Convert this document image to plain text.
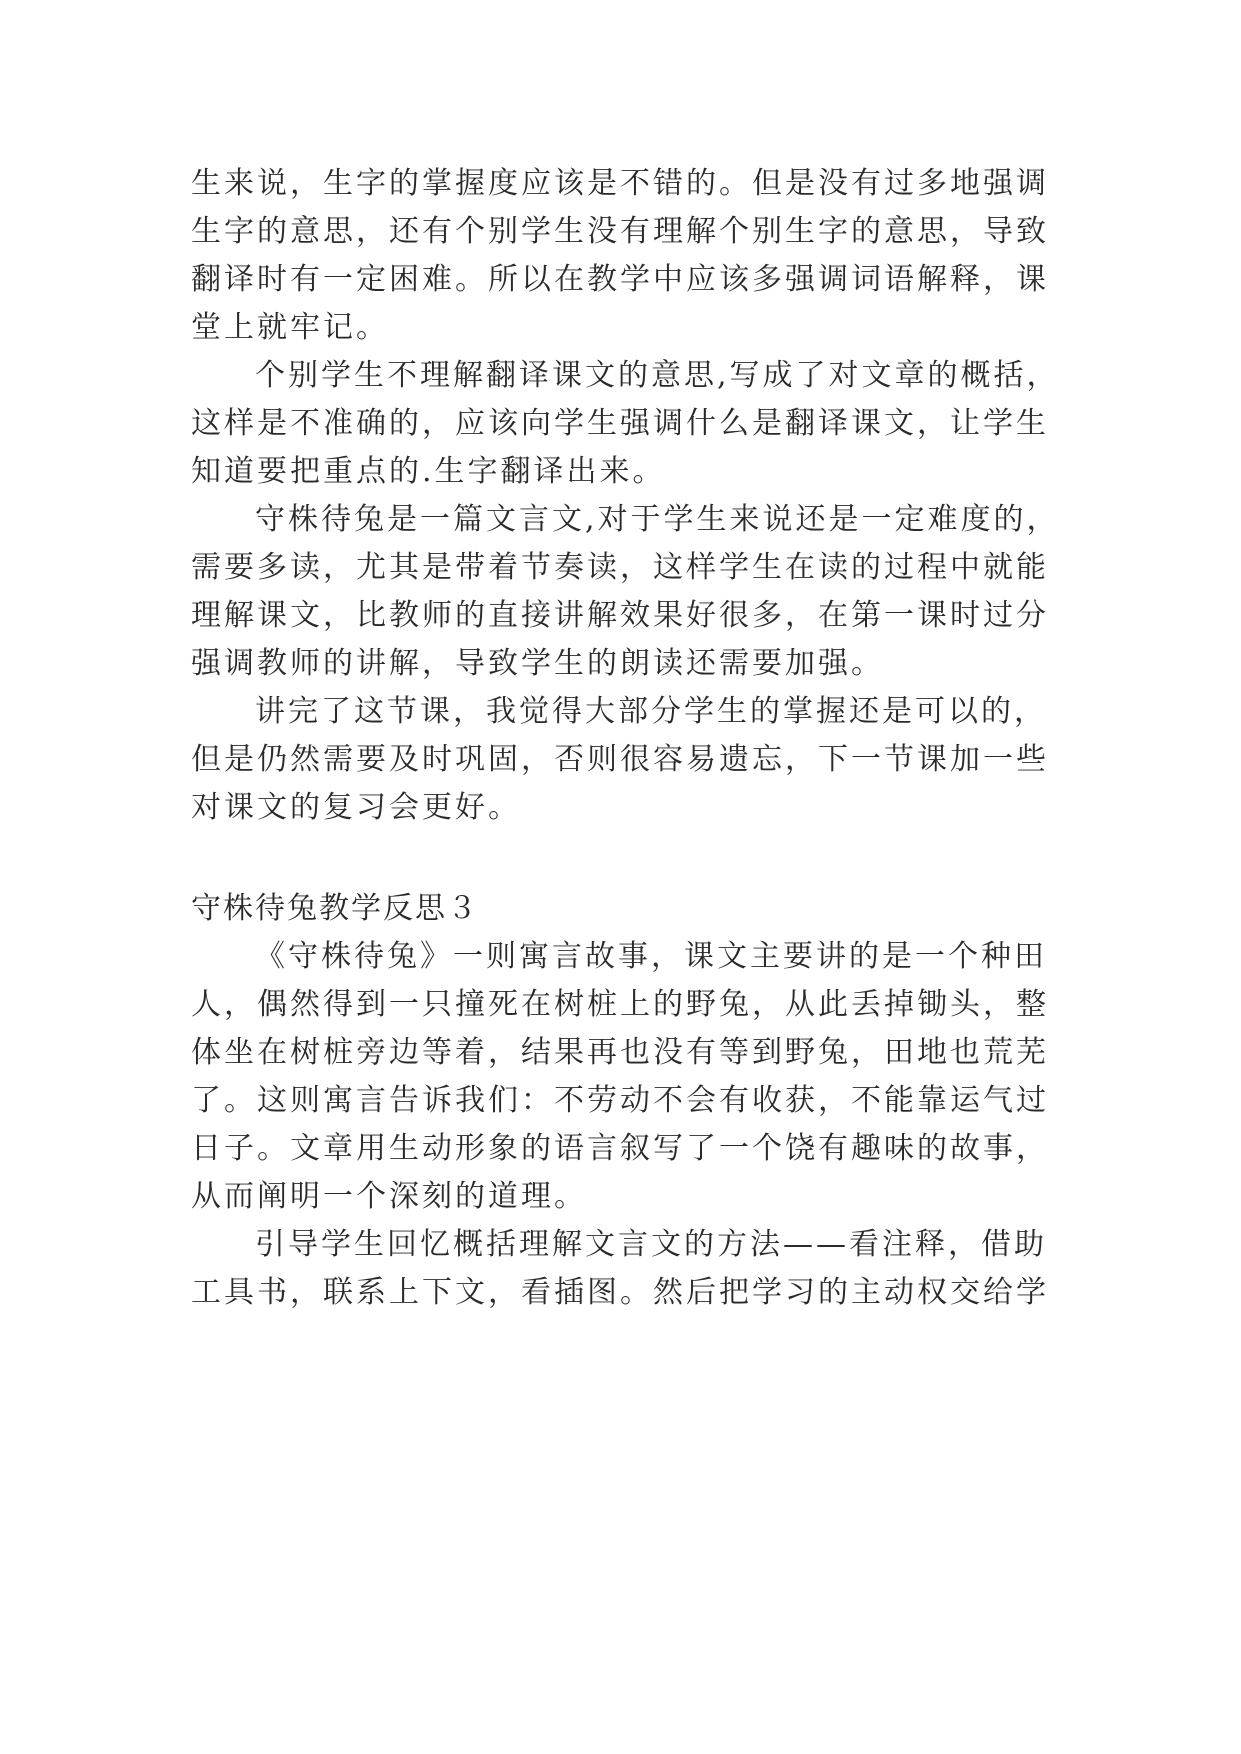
生来说，生字的掌握度应该是不错的。但是没有过多地强调
生字的意思，还有个别学生没有理解个别生字的意思，导致
翻译时有一定困难。所以在教学中应该多强调词语解释，课
堂上就牢记。

个别学生不理解翻译课文的意思,写成了对文章的概括，
这样是不准确的，应该向学生强调什么是翻译课文，让学生
知道要把重点的.生字翻译出来。

守株待兔是一篇文言文,对于学生来说还是一定难度的，
需要多读，尤其是带着节奏读，这样学生在读的过程中就能
理解课文，比教师的直接讲解效果好很多，在第一课时过分
强调教师的讲解，导致学生的朗读还需要加强。

讲完了这节课，我觉得大部分学生的掌握还是可以的，
但是仍然需要及时巩固，否则很容易遗忘，下一节课加一些
对课文的复习会更好。

守株待兔教学反思３

《守株待兔》一则寓言故事，课文主要讲的是一个种田
人，偶然得到一只撞死在树桩上的野兔，从此丢掉锄头，整
体坐在树桩旁边等着，结果再也没有等到野兔，田地也荒芜
了。这则寓言告诉我们：不劳动不会有收获，不能靠运气过
日子。文章用生动形象的语言叙写了一个饶有趣味的故事，
从而阐明一个深刻的道理。

引导学生回忆概括理解文言文的方法——看注释，借助
工具书，联系上下文，看插图。然后把学习的主动权交给学
